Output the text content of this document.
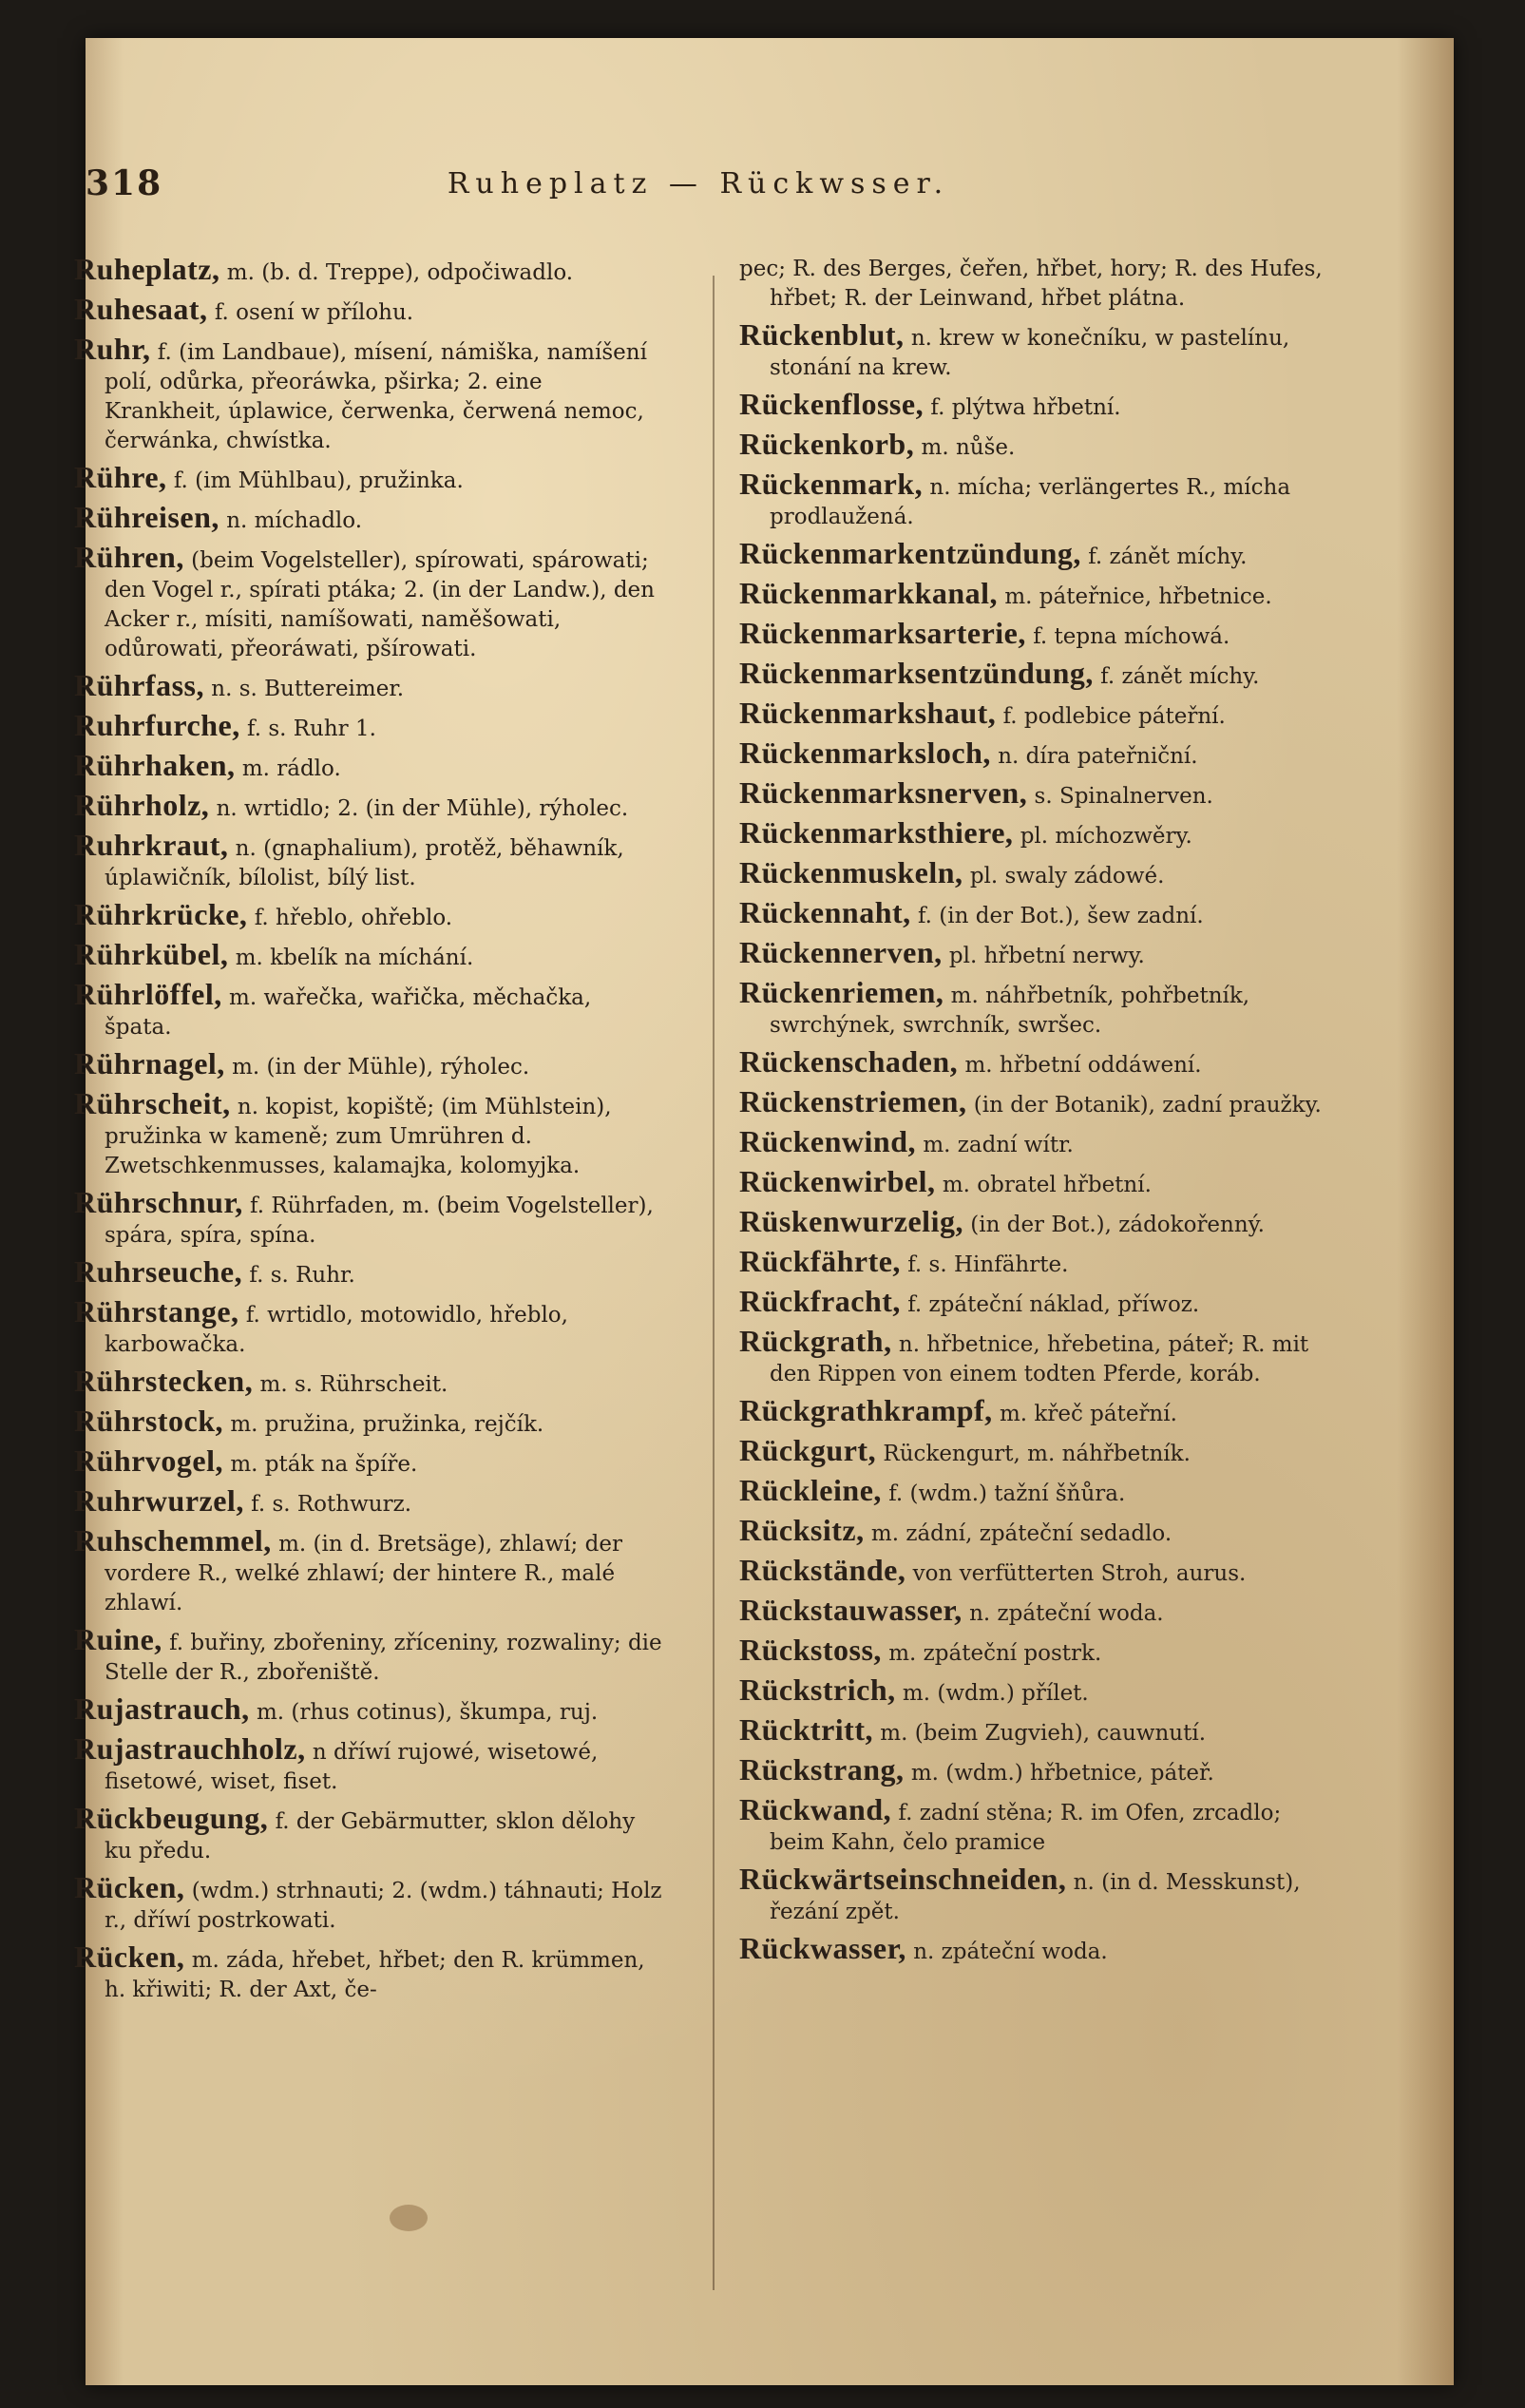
318	Ruheplatz — Rückwsser.
Ruheplatz, m. (b. d. Treppe), odpočiwadlo.
Ruhesaat, f. osení w přílohu.
Ruhr, f. (im Landbaue), mísení, námiška, namíšení polí, odůrka, přeoráwka, pširka; 2. eine Krankheit, úplawice, čerwenka, čerwená nemoc, čerwánka, chwístka.
Rühre, f. (im Mühlbau), pružinka.
Rühreisen, n. míchadlo.
Rühren, (beim Vogelsteller), spírowati, spárowati; den Vogel r., spírati ptáka; 2. (in der Landw.), den Acker r., mísiti, namíšowati, naměšowati, odůrowati, přeoráwati, pšírowati.
Rührfass, n. s. Buttereimer.
Ruhrfurche, f. s. Ruhr 1.
Rührhaken, m. rádlo.
Rührholz, n. wrtidlo; 2. (in der Mühle), rýholec.
Ruhrkraut, n. (gnaphalium), protěž, běhawník, úplawičník, bílolist, bílý list.
Rührkrücke, f. hřeblo, ohřeblo.
Rührkübel, m. kbelík na míchání.
Rührlöffel, m. wařečka, wařička, měchačka, špata.
Rührnagel, m. (in der Mühle), rýholec.
Rührscheit, n. kopist, kopiště; (im Mühlstein), pružinka w kameně; zum Umrühren d. Zwetschkenmusses, kalamajka, kolomyjka.
Rührschnur, f. Rührfaden, m. (beim Vogelsteller), spára, spíra, spína.
Ruhrseuche, f. s. Ruhr.
Rührstange, f. wrtidlo, motowidlo, hřeblo, karbowačka.
Rührstecken, m. s. Rührscheit.
Rührstock, m. pružina, pružinka, rejčík.
Rührvogel, m. pták na špíře.
Ruhrwurzel, f. s. Rothwurz.
Ruhschemmel, m. (in d. Bretsäge), zhlawí; der vordere R., welké zhlawí; der hintere R., malé zhlawí.
Ruine, f. buřiny, zbořeniny, zříceniny, rozwaliny; die Stelle der R., zbořeniště.
Rujastrauch, m. (rhus cotinus), škumpa, ruj.
Rujastrauchholz, n dříwí rujowé, wisetowé, fisetowé, wiset, fiset.
Rückbeugung, f. der Gebärmutter, sklon dělohy ku předu.
Rücken, (wdm.) strhnauti; 2. (wdm.) táhnauti; Holz r., dříwí postrkowati.
Rücken, m. záda, hřebet, hřbet; den R. krümmen, h. křiwiti; R. der Axt, če-
pec; R. des Berges, čeřen, hřbet, hory; R. des Hufes, hřbet; R. der Leinwand, hřbet plátna.
Rückenblut, n. krew w konečníku, w pastelínu, stonání na krew.
Rückenflosse, f. plýtwa hřbetní.
Rückenkorb, m. nůše.
Rückenmark, n. mícha; verlängertes R., mícha prodlaužená.
Rückenmarkentzündung, f. zánět míchy.
Rückenmarkkanal, m. páteřnice, hřbetnice.
Rückenmarksarterie, f. tepna míchowá.
Rückenmarksentzündung, f. zánět míchy.
Rückenmarkshaut, f. podlebice páteřní.
Rückenmarksloch, n. díra pateřniční.
Rückenmarksnerven, s. Spinalnerven.
Rückenmarksthiere, pl. míchozwěry.
Rückenmuskeln, pl. swaly zádowé.
Rückennaht, f. (in der Bot.), šew zadní.
Rückennerven, pl. hřbetní nerwy.
Rückenriemen, m. náhřbetník, pohřbetník, swrchýnek, swrchník, swršec.
Rückenschaden, m. hřbetní oddáwení.
Rückenstriemen, (in der Botanik), zadní praužky.
Rückenwind, m. zadní wítr.
Rückenwirbel, m. obratel hřbetní.
Rüskenwurzelig, (in der Bot.), zádokořenný.
Rückfährte, f. s. Hinfährte.
Rückfracht, f. zpáteční náklad, příwoz.
Rückgrath, n. hřbetnice, hřebetina, páteř; R. mit den Rippen von einem todten Pferde, koráb.
Rückgrathkrampf, m. křeč páteřní.
Rückgurt, Rückengurt, m. náhřbetník.
Rückleine, f. (wdm.) tažní šňůra.
Rücksitz, m. zádní, zpáteční sedadlo.
Rückstände, von verfütterten Stroh, aurus.
Rückstauwasser, n. zpáteční woda.
Rückstoss, m. zpáteční postrk.
Rückstrich, m. (wdm.) přílet.
Rücktritt, m. (beim Zugvieh), cauwnutí.
Rückstrang, m. (wdm.) hřbetnice, páteř.
Rückwand, f. zadní stěna; R. im Ofen, zrcadlo; beim Kahn, čelo pramice
Rückwärtseinschneiden, n. (in d. Messkunst), řezání zpět.
Rückwasser, n. zpáteční woda.
